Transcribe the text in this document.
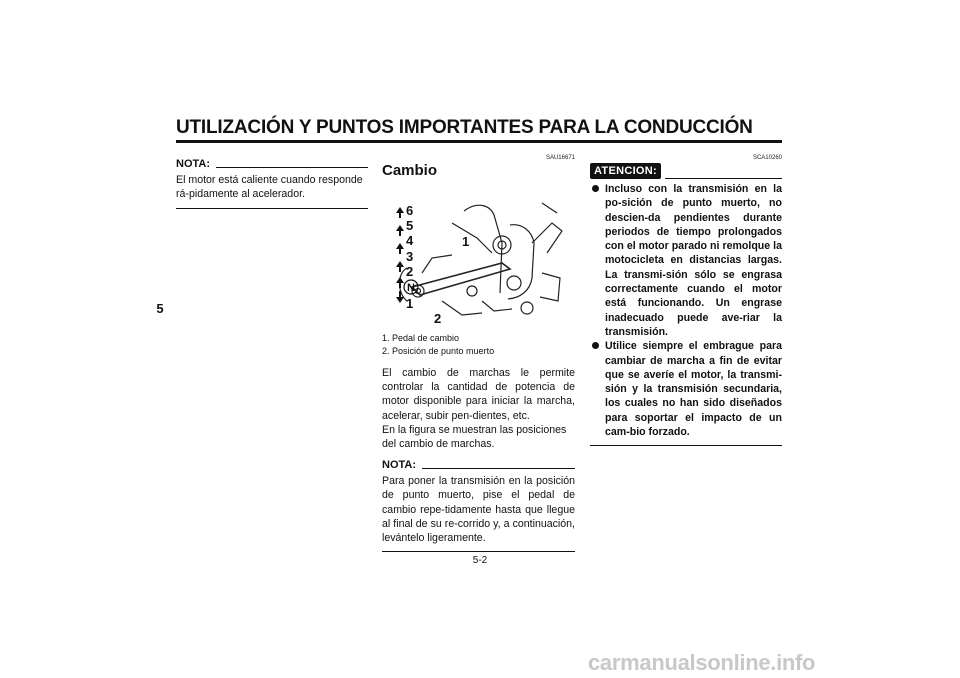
UTILIZACIÓN Y PUNTOS IMPORTANTES PARA LA CONDUCCIÓN
5
NOTA:
El motor está caliente cuando responde rá-pidamente al acelerador.
SAU16671
Cambio
6
5
4
3
2
N
1
1
2
1. Pedal de cambio
2. Posición de punto muerto
El cambio de marchas le permite controlar la cantidad de potencia de motor disponible para iniciar la marcha, acelerar, subir pen-dientes, etc.
En la figura se muestran las posiciones del cambio de marchas.
NOTA:
Para poner la transmisión en la posición de punto muerto, pise el pedal de cambio repe-tidamente hasta que llegue al final de su re-corrido y, a continuación, levántelo ligeramente.
SCA10260
ATENCION:
Incluso con la transmisión en la po-sición de punto muerto, no descien-da pendientes durante periodos de tiempo prolongados con el motor parado ni remolque la motocicleta en distancias largas. La transmi-sión sólo se engrasa correctamente cuando el motor está funcionando. Un engrase inadecuado puede ave-riar la transmisión.
Utilice siempre el embrague para cambiar de marcha a fin de evitar que se averíe el motor, la transmi-sión y la transmisión secundaria, los cuales no han sido diseñados para soportar el impacto de un cam-bio forzado.
5-2
carmanualsonline.info
